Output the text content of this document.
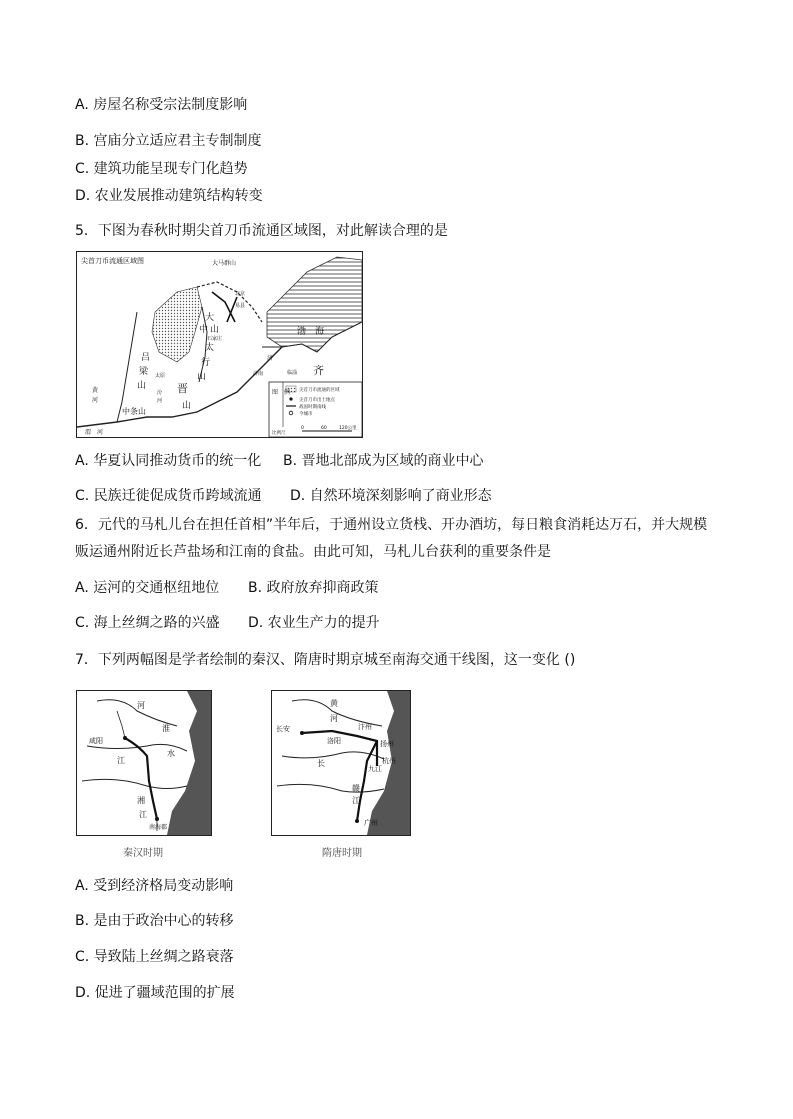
A. 房屋名称受宗法制度影响
B. 宫庙分立适应君主专制制度
C. 建筑功能呈现专门化趋势
D. 农业发展推动建筑结构转变
5．下图为春秋时期尖首刀币流通区域图，对此解读合理的是
尖首刀币流通区域图	大马群山
北京
易县
大
中 山
石家庄
太
行
山
渤　海
齐
济
济南	临淄
吕
梁
山
太原
汾
河
晋
山
中条山
黄
河
渭　河
图　例 尖首刀币流通的区域
尖首刀币出土地点
战国时期南线
今城市
比例尺
0	60	120公里
A. 华夏认同推动货币的统一化 B. 晋地北部成为区域的商业中心
C. 民族迁徙促成货币跨域流通 D. 自然环境深刻影响了商业形态
6．元代的马札儿台在担任首相”半年后，于通州设立货栈、开办酒坊，每日粮食消耗达万石，并大规模
贩运通州附近长芦盐场和江南的食盐。由此可知，马札儿台获利的重要条件是
A. 运河的交通枢纽地位 B. 政府放弃抑商政策
C. 海上丝绸之路的兴盛 D. 农业生产力的提升
7．下列两幅图是学者绘制的秦汉、隋唐时期京城至南海交通干线图，这一变化 ()
河
咸阳
淮
水
江
湘
江
南海郡
秦汉时期
黄
河
长安
洛阳
汴州
扬州
长
九江
杭州
赣
江
广州
隋唐时期
A. 受到经济格局变动影响
B. 是由于政治中心的转移
C. 导致陆上丝绸之路衰落
D. 促进了疆域范围的扩展
